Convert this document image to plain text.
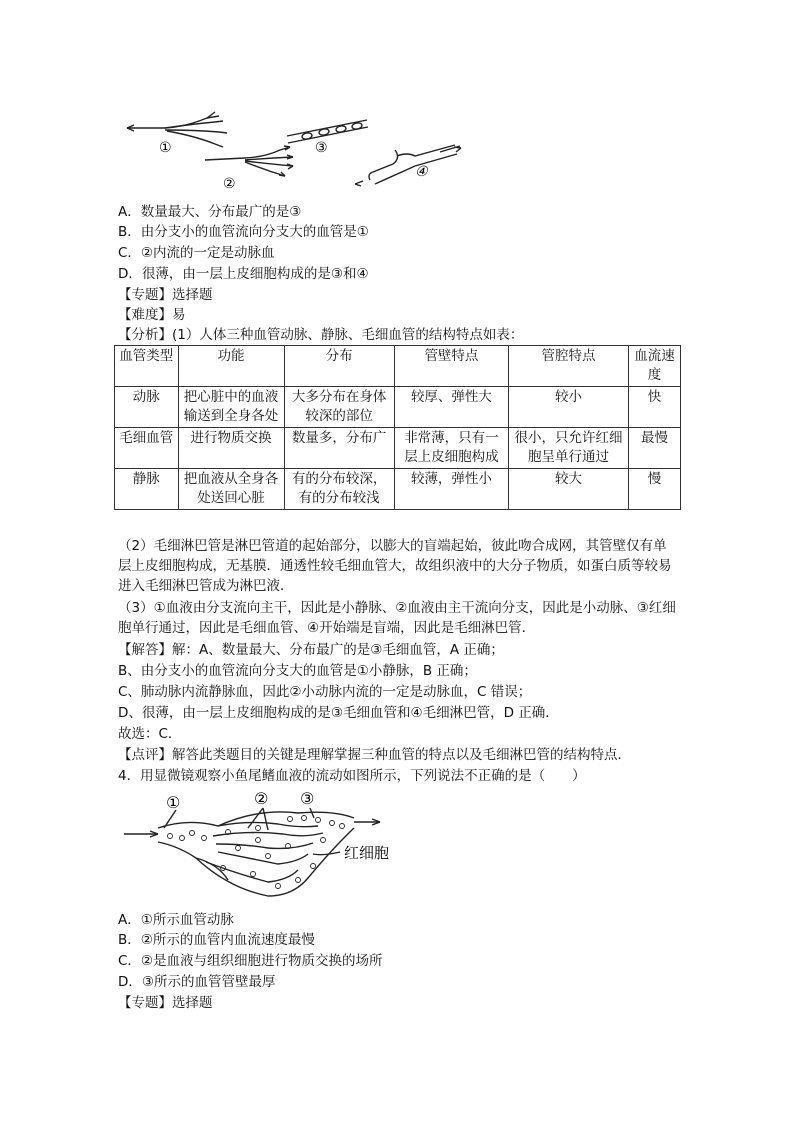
①
②
③
④
A．数量最大、分布最广的是③
B．由分支小的血管流向分支大的血管是①
C．②内流的一定是动脉血
D．很薄，由一层上皮细胞构成的是③和④
【专题】选择题
【难度】易
【分析】(1）人体三种血管动脉、静脉、毛细血管的结构特点如表：
血管类型	功能	分布	管壁特点	管腔特点	血流速度
动脉	把心脏中的血液输送到全身各处	大多分布在身体较深的部位	较厚、弹性大	较小	快
毛细血管	进行物质交换	数量多，分布广	非常薄，只有一层上皮细胞构成	很小，只允许红细胞呈单行通过	最慢
静脉	把血液从全身各处送回心脏	有的分布较深，有的分布较浅	较薄，弹性小	较大	慢
（2）毛细淋巴管是淋巴管道的起始部分，以膨大的盲端起始，彼此吻合成网，其管壁仅有单层上皮细胞构成，无基膜．通透性较毛细血管大，故组织液中的大分子物质，如蛋白质等较易进入毛细淋巴管成为淋巴液．
（3）①血液由分支流向主干，因此是小静脉、②血液由主干流向分支，因此是小动脉、③红细胞单行通过，因此是毛细血管、④开始端是盲端，因此是毛细淋巴管．
【解答】解：A、数量最大、分布最广的是③毛细血管，A 正确；
B、由分支小的血管流向分支大的血管是①小静脉，B 正确；
C、肺动脉内流静脉血，因此②小动脉内流的一定是动脉血，C 错误；
D、很薄，由一层上皮细胞构成的是③毛细血管和④毛细淋巴管，D 正确．
故选：C．
【点评】解答此类题目的关键是理解掌握三种血管的特点以及毛细淋巴管的结构特点．
4．用显微镜观察小鱼尾鳍血液的流动如图所示，下列说法不正确的是（　　）
①	② ③
红细胞
A．①所示血管动脉
B．②所示的血管内血流速度最慢
C．②是血液与组织细胞进行物质交换的场所
D．③所示的血管管壁最厚
【专题】选择题
